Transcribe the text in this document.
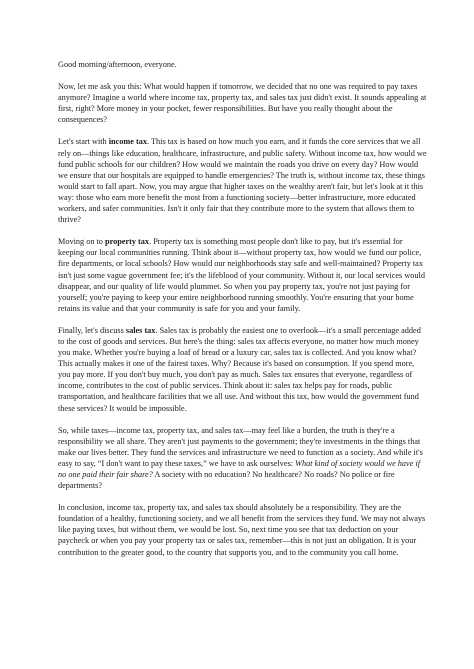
Good morning/afternoon, everyone.

Now, let me ask you this: What would happen if tomorrow, we decided that no one was required to pay taxes anymore? Imagine a world where income tax, property tax, and sales tax just didn't exist. It sounds appealing at first, right? More money in your pocket, fewer responsibilities. But have you really thought about the consequences?

Let's start with income tax. This tax is based on how much you earn, and it funds the core services that we all rely on—things like education, healthcare, infrastructure, and public safety. Without income tax, how would we fund public schools for our children? How would we maintain the roads you drive on every day? How would we ensure that our hospitals are equipped to handle emergencies? The truth is, without income tax, these things would start to fall apart. Now, you may argue that higher taxes on the wealthy aren't fair, but let's look at it this way: those who earn more benefit the most from a functioning society—better infrastructure, more educated workers, and safer communities. Isn't it only fair that they contribute more to the system that allows them to thrive?

Moving on to property tax. Property tax is something most people don't like to pay, but it's essential for keeping our local communities running. Think about it—without property tax, how would we fund our police, fire departments, or local schools? How would our neighborhoods stay safe and well-maintained? Property tax isn't just some vague government fee; it's the lifeblood of your community. Without it, our local services would disappear, and our quality of life would plummet. So when you pay property tax, you're not just paying for yourself; you're paying to keep your entire neighborhood running smoothly. You're ensuring that your home retains its value and that your community is safe for you and your family.

Finally, let's discuss sales tax. Sales tax is probably the easiest one to overlook—it's a small percentage added to the cost of goods and services. But here's the thing: sales tax affects everyone, no matter how much money you make. Whether you're buying a loaf of bread or a luxury car, sales tax is collected. And you know what? This actually makes it one of the fairest taxes. Why? Because it's based on consumption. If you spend more, you pay more. If you don't buy much, you don't pay as much. Sales tax ensures that everyone, regardless of income, contributes to the cost of public services. Think about it: sales tax helps pay for roads, public transportation, and healthcare facilities that we all use. And without this tax, how would the government fund these services? It would be impossible.

So, while taxes—income tax, property tax, and sales tax—may feel like a burden, the truth is they're a responsibility we all share. They aren't just payments to the government; they're investments in the things that make our lives better. They fund the services and infrastructure we need to function as a society. And while it's easy to say, “I don't want to pay these taxes,” we have to ask ourselves: What kind of society would we have if no one paid their fair share? A society with no education? No healthcare? No roads? No police or fire departments?

In conclusion, income tax, property tax, and sales tax should absolutely be a responsibility. They are the foundation of a healthy, functioning society, and we all benefit from the services they fund. We may not always like paying taxes, but without them, we would be lost. So, next time you see that tax deduction on your paycheck or when you pay your property tax or sales tax, remember—this is not just an obligation. It is your contribution to the greater good, to the country that supports you, and to the community you call home.
